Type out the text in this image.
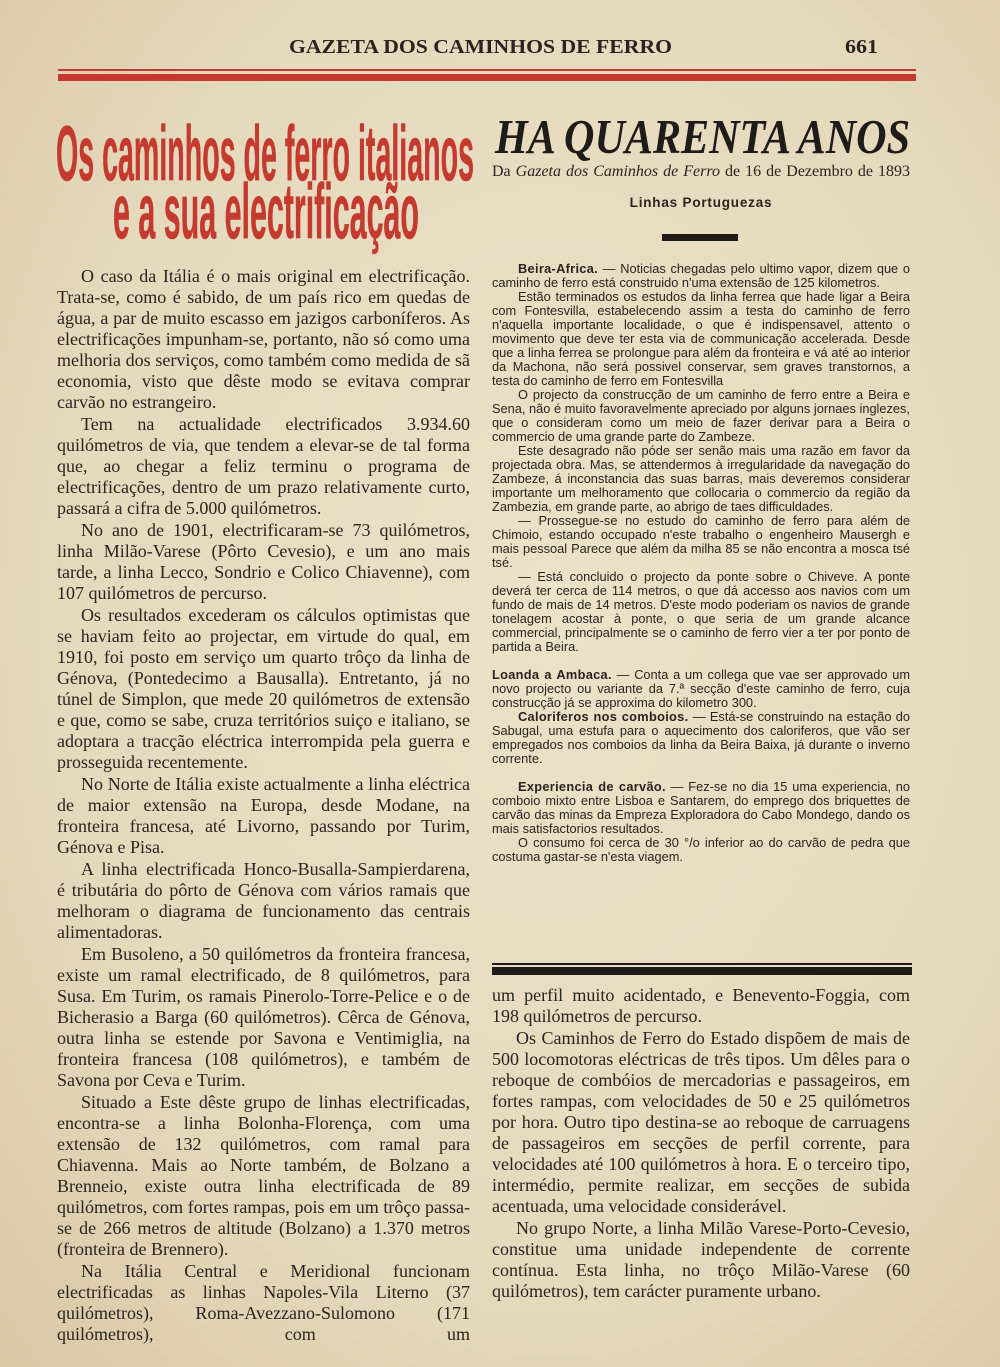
GAZETA DOS CAMINHOS DE FERRO	661
Os caminhos de ferro italianos
e a sua electrificação

O caso da Itália é o mais original em electrificação. Trata-se, como é sabido, de um país rico em quedas de água, a par de muito escasso em jazigos carboníferos. As electrificações impunham-se, portanto, não só como uma melhoria dos serviços, como também como medida de sã economia, visto que dêste modo se evitava comprar carvão no estrangeiro.

Tem na actualidade electrificados 3.934.60 quilómetros de via, que tendem a elevar-se de tal forma que, ao chegar a feliz terminu o programa de electrificações, dentro de um prazo relativamente curto, passará a cifra de 5.000 quilómetros.

No ano de 1901, electrificaram-se 73 quilómetros, linha Milão-Varese (Pôrto Cevesio), e um ano mais tarde, a linha Lecco, Sondrio e Colico Chiavenne), com 107 quilómetros de percurso.

Os resultados excederam os cálculos optimistas que se haviam feito ao projectar, em virtude do qual, em 1910, foi posto em serviço um quarto trôço da linha de Génova, (Pontedecimo a Bausalla). Entretanto, já no túnel de Simplon, que mede 20 quilómetros de extensão e que, como se sabe, cruza territórios suiço e italiano, se adoptara a tracção eléctrica interrompida pela guerra e prosseguida recentemente.

No Norte de Itália existe actualmente a linha eléctrica de maior extensão na Europa, desde Modane, na fronteira francesa, até Livorno, passando por Turim, Génova e Pisa.

A linha electrificada Honco-Busalla-Sampierdarena, é tributária do pôrto de Génova com vários ramais que melhoram o diagrama de funcionamento das centrais alimentadoras.

Em Busoleno, a 50 quilómetros da fronteira francesa, existe um ramal electrificado, de 8 quilómetros, para Susa. Em Turim, os ramais Pinerolo-Torre-Pelice e o de Bicherasio a Barga (60 quilómetros). Cêrca de Génova, outra linha se estende por Savona e Ventimiglia, na fronteira francesa (108 quilómetros), e também de Savona por Ceva e Turim.

Situado a Este dêste grupo de linhas electrificadas, encontra-se a linha Bolonha-Florença, com uma extensão de 132 quilómetros, com ramal para Chiavenna. Mais ao Norte também, de Bolzano a Brenneio, existe outra linha electrificada de 89 quilómetros, com fortes rampas, pois em um trôço passa-se de 266 metros de altitude (Bolzano) a 1.370 metros (fronteira de Brennero).

Na Itália Central e Meridional funcionam electrificadas as linhas Napoles-Vila Literno (37 quilómetros), Roma-Avezzano-Sulomono (171 quilómetros), com um

HA QUARENTA ANOS
Da Gazeta dos Caminhos de Ferro de 16 de Dezembro de 1893
Linhas Portuguezas

Beira-Africa. — Noticias chegadas pelo ultimo vapor, dizem que o caminho de ferro está construido n'uma extensão de 125 kilometros.

Estão terminados os estudos da linha ferrea que hade ligar a Beira com Fontesvilla, estabelecendo assim a testa do caminho de ferro n'aquella importante localidade, o que é indispensavel, attento o movimento que deve ter esta via de communicação accelerada. Desde que a linha ferrea se prolongue para além da fronteira e vá até ao interior da Machona, não será possivel conservar, sem graves transtornos, a testa do caminho de ferro em Fontesvilla

O projecto da construcção de um caminho de ferro entre a Beira e Sena, não é muito favoravelmente apreciado por alguns jornaes inglezes, que o consideram como um meio de fazer derivar para a Beira o commercio de uma grande parte do Zambeze.

Este desagrado não póde ser senão mais uma razão em favor da projectada obra. Mas, se attendermos à irregularidade da navegação do Zambeze, á inconstancia das suas barras, mais deveremos considerar importante um melhoramento que collocaria o commercio da região da Zambezia, em grande parte, ao abrigo de taes difficuldades.

— Prossegue-se no estudo do caminho de ferro para além de Chimoio, estando occupado n'este trabalho o engenheiro Mausergh e mais pessoal Parece que além da milha 85 se não encontra a mosca tsé tsé.

— Está concluido o projecto da ponte sobre o Chiveve. A ponte deverá ter cerca de 114 metros, o que dá accesso aos navios com um fundo de mais de 14 metros. D'este modo poderiam os navios de grande tonelagem acostar à ponte, o que seria de um grande alcance commercial, principalmente se o caminho de ferro vier a ter por ponto de partida a Beira.

Loanda a Ambaca. — Conta a um collega que vae ser approvado um novo projecto ou variante da 7.ª secção d'este caminho de ferro, cuja construcção já se approxima do kilometro 300.

Caloriferos nos comboios. — Está-se construindo na estação do Sabugal, uma estufa para o aquecimento dos caloriferos, que vão ser empregados nos comboios da linha da Beira Baixa, já durante o inverno corrente.

Experiencia de carvão. — Fez-se no dia 15 uma experiencia, no comboio mixto entre Lisboa e Santarem, do emprego dos briquettes de carvão das minas da Empreza Exploradora do Cabo Mondego, dando os mais satisfactorios resultados.

O consumo foi cerca de 30 °/o inferior ao do carvão de pedra que costuma gastar-se n'esta viagem.

um perfil muito acidentado, e Benevento-Foggia, com 198 quilómetros de percurso.

Os Caminhos de Ferro do Estado dispõem de mais de 500 locomotoras eléctricas de três tipos. Um dêles para o reboque de combóios de mercadorias e passageiros, em fortes rampas, com velocidades de 50 e 25 quilómetros por hora. Outro tipo destina-se ao reboque de carruagens de passageiros em secções de perfil corrente, para velocidades até 100 quilómetros à hora. E o terceiro tipo, intermédio, permite realizar, em secções de subida acentuada, uma velocidade considerável.

No grupo Norte, a linha Milão Varese-Porto-Cevesio, constitue uma unidade independente de corrente contínua. Esta linha, no trôço Milão-Varese (60 quilómetros), tem carácter puramente urbano.
